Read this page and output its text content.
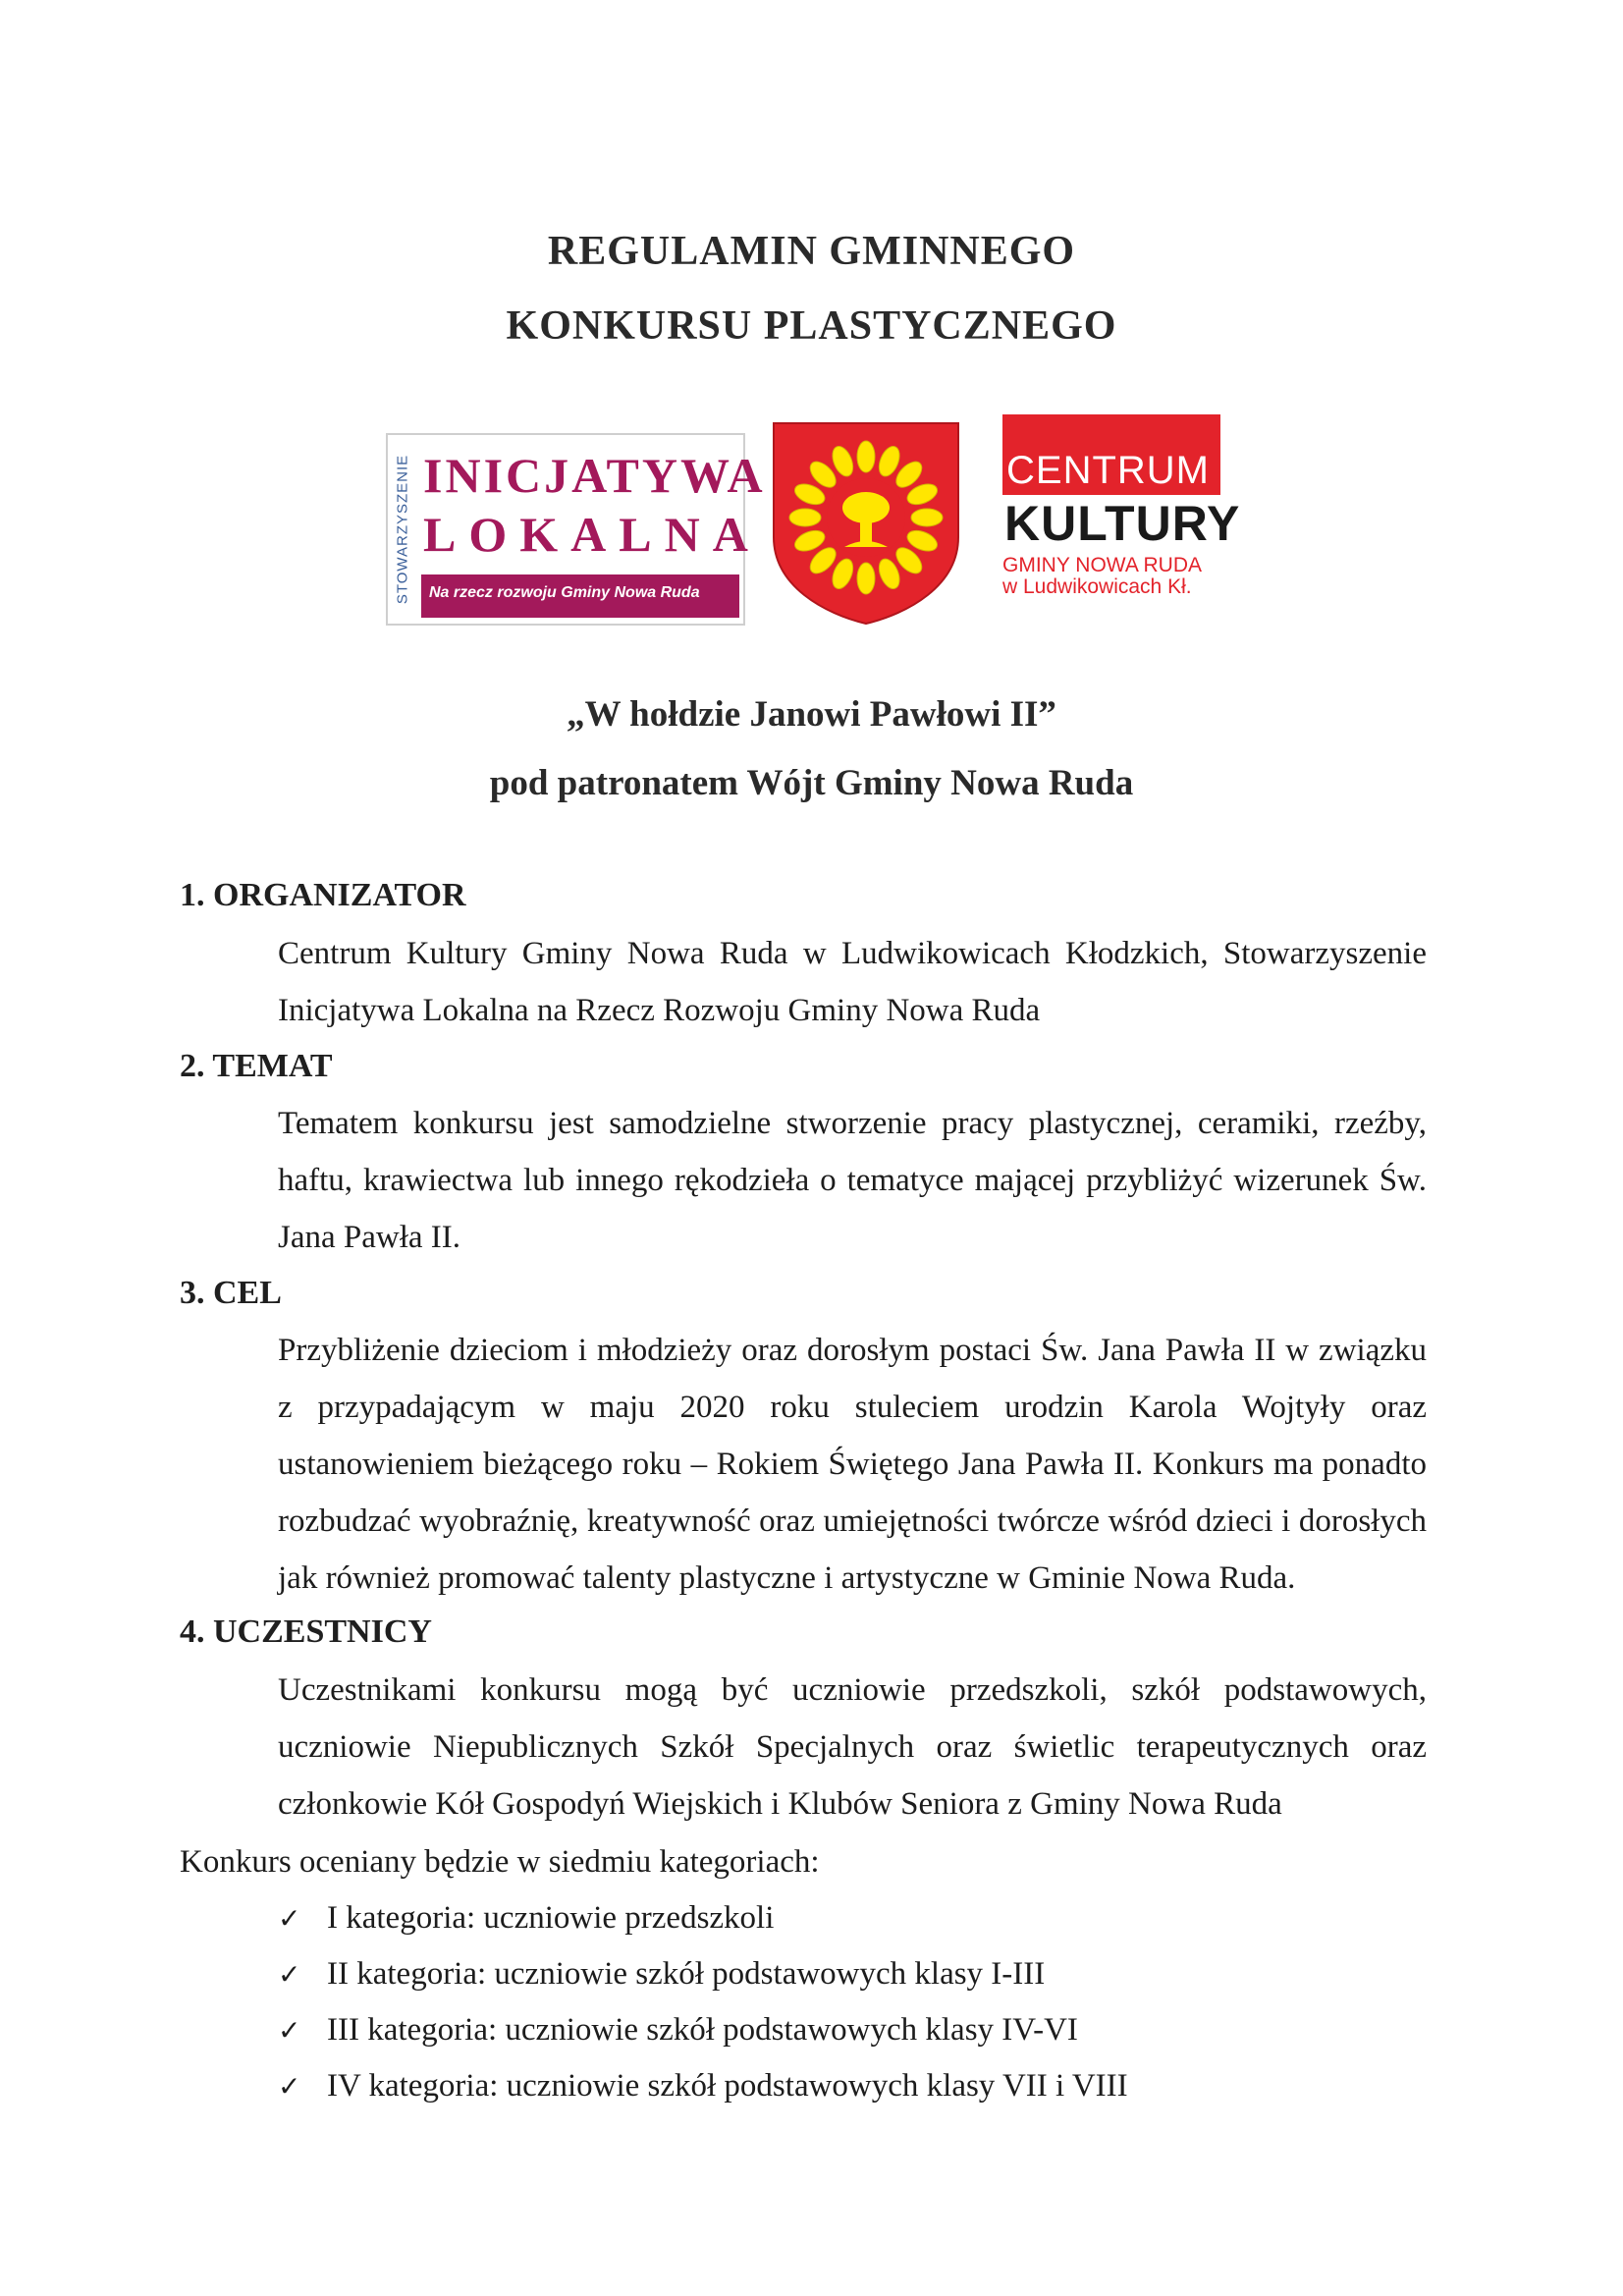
REGULAMIN GMINNEGO
KONKURSU PLASTYCZNEGO
STOWARZYSZENIE INICJATYWA
LOKALNA
Na rzecz rozwoju Gminy Nowa Ruda
CENTRUM
KULTURY
GMINY NOWA RUDA
w Ludwikowicach Kł.
„W hołdzie Janowi Pawłowi II”
pod patronatem Wójt Gminy Nowa Ruda
1. ORGANIZATOR
Centrum Kultury Gminy Nowa Ruda w Ludwikowicach Kłodzkich, Stowarzyszenie
Inicjatywa Lokalna na Rzecz Rozwoju Gminy Nowa Ruda
2. TEMAT
Tematem konkursu jest samodzielne stworzenie pracy plastycznej, ceramiki, rzeźby,
haftu, krawiectwa lub innego rękodzieła o tematyce mającej przybliżyć wizerunek Św.
Jana Pawła II.
3. CEL
Przybliżenie dzieciom i młodzieży oraz dorosłym postaci Św. Jana Pawła II w związku
z przypadającym w maju 2020 roku stuleciem urodzin Karola Wojtyły oraz
ustanowieniem bieżącego roku – Rokiem Świętego Jana Pawła II. Konkurs ma ponadto
rozbudzać wyobraźnię, kreatywność oraz umiejętności twórcze wśród dzieci i dorosłych
jak również promować talenty plastyczne i artystyczne w Gminie Nowa Ruda.
4. UCZESTNICY
Uczestnikami konkursu mogą być uczniowie przedszkoli, szkół podstawowych,
uczniowie Niepublicznych Szkół Specjalnych oraz świetlic terapeutycznych oraz
członkowie Kół Gospodyń Wiejskich i Klubów Seniora z Gminy Nowa Ruda
Konkurs oceniany będzie w siedmiu kategoriach:
✓ I kategoria: uczniowie przedszkoli
✓ II kategoria: uczniowie szkół podstawowych klasy I-III
✓ III kategoria: uczniowie szkół podstawowych klasy IV-VI
✓ IV kategoria: uczniowie szkół podstawowych klasy VII i VIII
